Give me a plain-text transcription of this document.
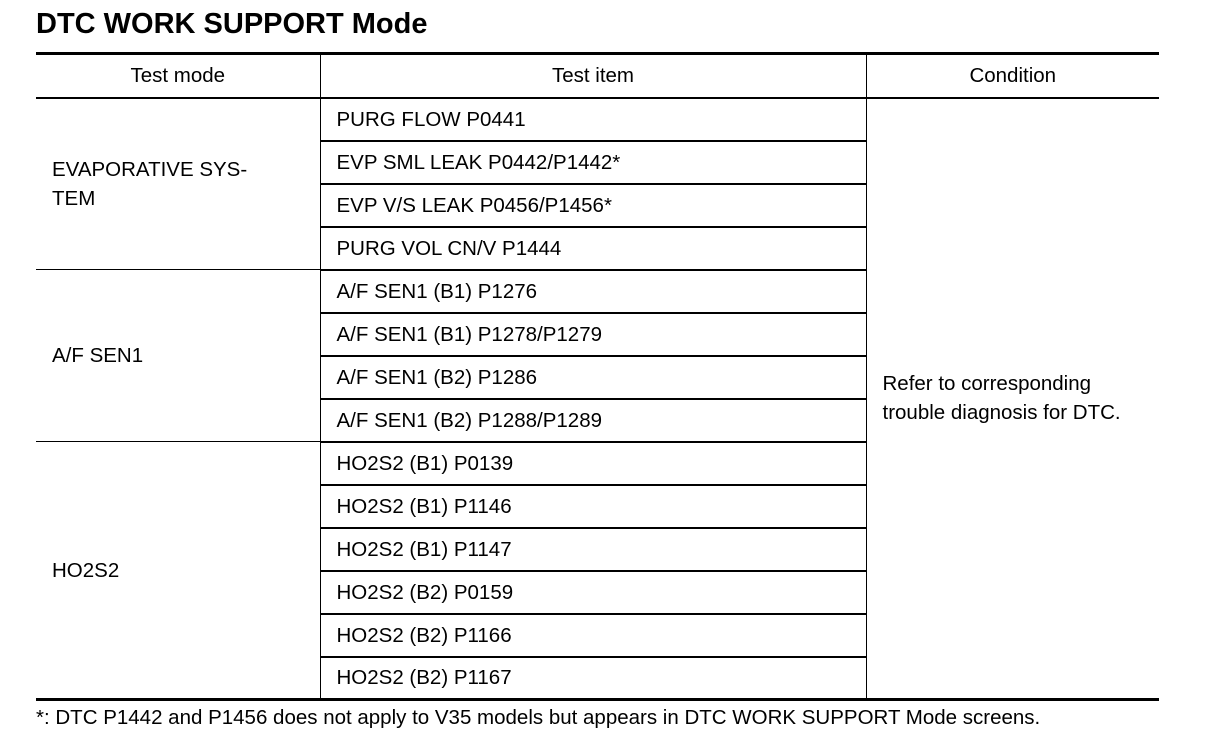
DTC WORK SUPPORT Mode
Test mode	Test item	Condition

EVAPORATIVE SYS-TEM	PURG FLOW P0441	Refer to corresponding trouble diagnosis for DTC.

	EVP SML LEAK P0442/P1442*	
	EVP V/S LEAK P0456/P1456*	
	PURG VOL CN/V P1444	
A/F SEN1	A/F SEN1 (B1) P1276	
	A/F SEN1 (B1) P1278/P1279	
	A/F SEN1 (B2) P1286	
	A/F SEN1 (B2) P1288/P1289	
HO2S2	HO2S2 (B1) P0139	
	HO2S2 (B1) P1146	
	HO2S2 (B1) P1147	
	HO2S2 (B2) P0159	
	HO2S2 (B2) P1166	
	HO2S2 (B2) P1167	

*: DTC P1442 and P1456 does not apply to V35 models but appears in DTC WORK SUPPORT Mode screens.
